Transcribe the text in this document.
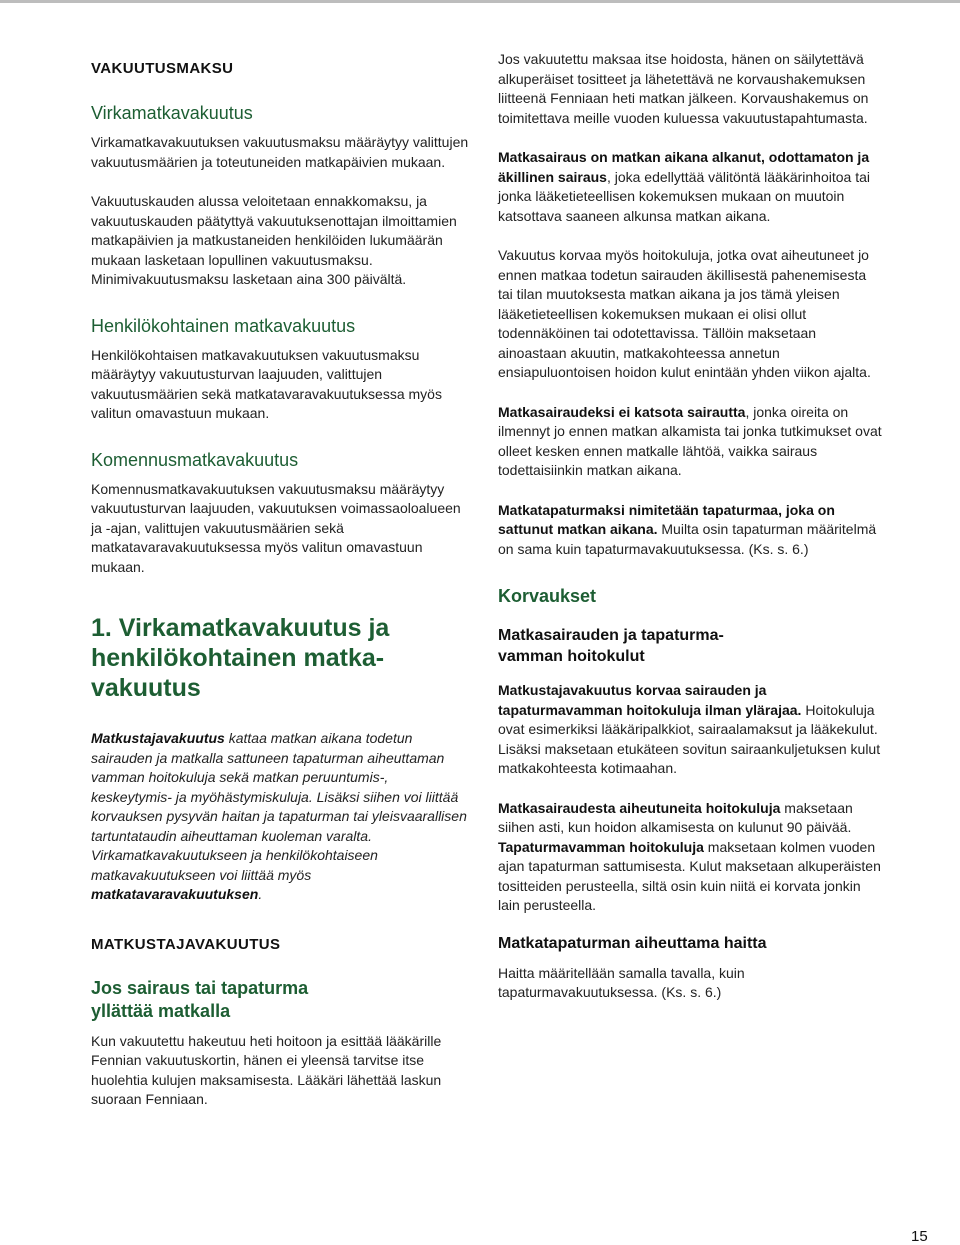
VAKUUTUSMAKSU
Virkamatkavakuutus

Virkamatkavakuutuksen vakuutusmaksu määräytyy valittujen vakuutusmäärien ja toteutuneiden matkapäivien mukaan.

Vakuutuskauden alussa veloitetaan ennakkomaksu, ja vakuutuskauden päätyttyä vakuutuksenottajan ilmoittamien matkapäivien ja matkustaneiden henkilöiden lukumäärän mukaan lasketaan lopullinen vakuutusmaksu. Minimivakuutusmaksu lasketaan aina 300 päivältä.

Henkilökohtainen matkavakuutus

Henkilökohtaisen matkavakuutuksen vakuutusmaksu määräytyy vakuutusturvan laajuuden, valittujen vakuutusmäärien sekä matkatavaravakuutuksessa myös valitun omavastuun mukaan.

Komennusmatkavakuutus

Komennusmatkavakuutuksen vakuutusmaksu määräytyy vakuutusturvan laajuuden, vakuutuksen voimassaoloalueen ja -ajan, valittujen vakuutusmäärien sekä matkatavaravakuutuksessa myös valitun omavastuun mukaan.

1. Virkamatkavakuutus ja
henkilökohtainen matka-
vakuutus

Matkustajavakuutus kattaa matkan aikana todetun sairauden ja matkalla sattuneen tapaturman aiheuttaman vamman hoitokuluja sekä matkan peruuntumis-, keskeytymis- ja myöhästymiskuluja. Lisäksi siihen voi liittää korvauksen pysyvän haitan ja tapaturman tai yleisvaarallisen tartuntataudin aiheuttaman kuoleman varalta. Virkamatkavakuutukseen ja henkilökohtaiseen matkavakuutukseen voi liittää myös matkatavaravakuutuksen.

MATKUSTAJAVAKUUTUS
Jos sairaus tai tapaturma
yllättää matkalla

Kun vakuutettu hakeutuu heti hoitoon ja esittää lääkärille Fennian vakuutuskortin, hänen ei yleensä tarvitse itse huolehtia kulujen maksamisesta. Lääkäri lähettää laskun suoraan Fenniaan.

Jos vakuutettu maksaa itse hoidosta, hänen on säilytettävä alkuperäiset tositteet ja lähetettävä ne korvaushakemuksen liitteenä Fenniaan heti matkan jälkeen. Korvaushakemus on toimitettava meille vuoden kuluessa vakuutustapahtumasta.

Matkasairaus on matkan aikana alkanut, odottamaton ja äkillinen sairaus, joka edellyttää välitöntä lääkärinhoitoa tai jonka lääketieteellisen kokemuksen mukaan on muutoin katsottava saaneen alkunsa matkan aikana.

Vakuutus korvaa myös hoitokuluja, jotka ovat aiheutuneet jo ennen matkaa todetun sairauden äkillisestä pahenemisesta tai tilan muutoksesta matkan aikana ja jos tämä yleisen lääketieteellisen kokemuksen mukaan ei olisi ollut todennäköinen tai odotettavissa. Tällöin maksetaan ainoastaan akuutin, matkakohteessa annetun ensiapuluontoisen hoidon kulut enintään yhden viikon ajalta.

Matkasairaudeksi ei katsota sairautta, jonka oireita on ilmennyt jo ennen matkan alkamista tai jonka tutkimukset ovat olleet kesken ennen matkalle lähtöä, vaikka sairaus todettaisiinkin matkan aikana.

Matkatapaturmaksi nimitetään tapaturmaa, joka on sattunut matkan aikana. Muilta osin tapaturman määritelmä on sama kuin tapaturmavakuutuksessa. (Ks. s. 6.)

Korvaukset
Matkasairauden ja tapaturma-
vamman hoitokulut

Matkustajavakuutus korvaa sairauden ja tapaturmavamman hoitokuluja ilman ylärajaa. Hoitokuluja ovat esimerkiksi lääkäripalkkiot, sairaalamaksut ja lääkekulut. Lisäksi maksetaan etukäteen sovitun sairaankuljetuksen kulut matkakohteesta kotimaahan.

Matkasairaudesta aiheutuneita hoitokuluja maksetaan siihen asti, kun hoidon alkamisesta on kulunut 90 päivää. Tapaturmavamman hoitokuluja maksetaan kolmen vuoden ajan tapaturman sattumisesta. Kulut maksetaan alkuperäisten tositteiden perusteella, siltä osin kuin niitä ei korvata jonkin lain perusteella.

Matkatapaturman aiheuttama haitta

Haitta määritellään samalla tavalla, kuin tapaturmavakuutuksessa. (Ks. s. 6.)

15
